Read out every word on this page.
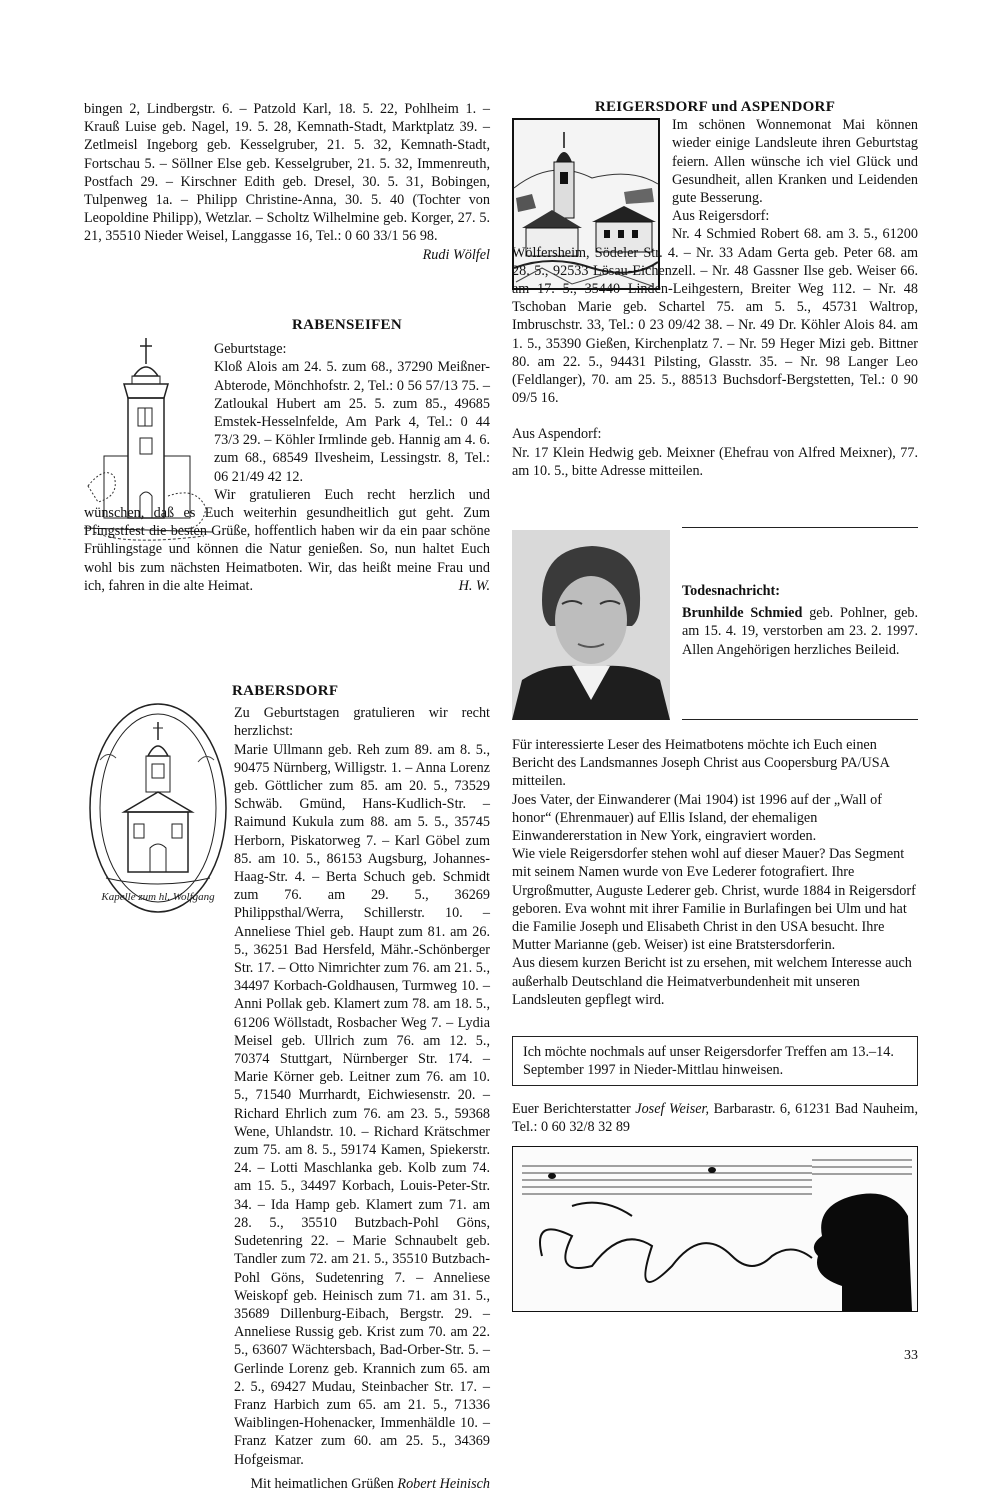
bingen 2, Lindbergstr. 6. – Patzold Karl, 18. 5. 22, Pohlheim 1. – Krauß Luise geb. Nagel, 19. 5. 28, Kemnath-Stadt, Marktplatz 39. – Zetlmeisl Ingeborg geb. Kesselgruber, 21. 5. 32, Kemnath-Stadt, Fortschau 5. – Söllner Else geb. Kesselgruber, 21. 5. 32, Immenreuth, Postfach 29. – Kirschner Edith geb. Dresel, 30. 5. 31, Bobingen, Tulpenweg 1a. – Philipp Christine-Anna, 30. 5. 40 (Tochter von Leopoldine Philipp), Wetzlar. – Scholtz Wilhelmine geb. Korger, 27. 5. 21, 35510 Nieder Weisel, Langgasse 16, Tel.: 0 60 33/1 56 98.
Rudi Wölfel

RABENSEIFEN

Geburtstage:

Kloß Alois am 24. 5. zum 68., 37290 Meißner-Abterode, Mönchhofstr. 2, Tel.: 0 56 57/13 75. – Zatloukal Hubert am 25. 5. zum 85., 49685 Emstek-Hesselnfelde, Am Park 4, Tel.: 0 44 73/3 29. – Köhler Irmlinde geb. Hannig am 4. 6. zum 68., 68549 Ilvesheim, Lessingstr. 8, Tel.: 06 21/49 42 12.

Wir gratulieren Euch recht herzlich und wünschen, daß es Euch weiterhin gesundheitlich gut geht. Zum Pfingstfest die besten Grüße, hoffentlich haben wir da ein paar schöne Frühlingstage und können die Natur genießen. So, nun haltet Euch wohl bis zum nächsten Heimatboten. Wir, das heißt meine Frau und ich, fahren in die alte Heimat.	H. W.

Kapelle zum hl. Wolfgang
RABERSDORF

Zu Geburtstagen gratulieren wir recht herzlichst:

Marie Ullmann geb. Reh zum 89. am 8. 5., 90475 Nürnberg, Willigstr. 1. – Anna Lorenz geb. Göttlicher zum 85. am 20. 5., 73529 Schwäb. Gmünd, Hans-Kudlich-Str. – Raimund Kukula zum 88. am 5. 5., 35745 Herborn, Piskatorweg 7. – Karl Göbel zum 85. am 10. 5., 86153 Augsburg, Johannes-Haag-Str. 4. – Berta Schuch geb. Schmidt zum 76. am 29. 5., 36269 Philippsthal/Werra, Schillerstr. 10. – Anneliese Thiel geb. Haupt zum 81. am 26. 5., 36251 Bad Hersfeld, Mähr.-Schönberger Str. 17. – Otto Nimrichter zum 76. am 21. 5., 34497 Korbach-Goldhausen, Turmweg 10. – Anni Pollak geb. Klamert zum 78. am 18. 5., 61206 Wöllstadt, Rosbacher Weg 7. – Lydia Meisel geb. Ullrich zum 76. am 12. 5., 70374 Stuttgart, Nürnberger Str. 174. – Marie Körner geb. Leitner zum 76. am 10. 5., 71540 Murrhardt, Eichwiesenstr. 20. – Richard Ehrlich zum 76. am 23. 5., 59368 Wene, Uhlandstr. 10. – Richard Krätschmer zum 75. am 8. 5., 59174 Kamen, Spiekerstr. 24. – Lotti Maschlanka geb. Kolb zum 74. am 15. 5., 34497 Korbach, Louis-Peter-Str. 34. – Ida Hamp geb. Klamert zum 71. am 28. 5., 35510 Butzbach-Pohl Göns, Sudetenring 22. – Marie Schnaubelt geb. Tandler zum 72. am 21. 5., 35510 Butzbach-Pohl Göns, Sudetenring 7. – Anneliese Weiskopf geb. Heinisch zum 71. am 31. 5., 35689 Dillenburg-Eibach, Bergstr. 29. – Anneliese Russig geb. Krist zum 70. am 22. 5., 63607 Wächtersbach, Bad-Orber-Str. 5. – Gerlinde Lorenz geb. Krannich zum 65. am 2. 5., 69427 Mudau, Steinbacher Str. 17. – Franz Harbich zum 65. am 21. 5., 71336 Waiblingen-Hohenacker, Immenhäldle 10. – Franz Katzer zum 60. am 25. 5., 34369 Hofgeismar.

Mit heimatlichen Grüßen Robert Heinisch

REIGERSDORF und ASPENDORF

Im schönen Wonnemonat Mai können wieder einige Landsleute ihren Geburtstag feiern. Allen wünsche ich viel Glück und Gesundheit, allen Kranken und Leidenden gute Besserung.

Aus Reigersdorf:

Nr. 4 Schmied Robert 68. am 3. 5., 61200 Wölfersheim, Södeler Str. 4. – Nr. 33 Adam Gerta geb. Peter 68. am 28. 5., 92533 Lösau-Eichenzell. – Nr. 48 Gassner Ilse geb. Weiser 66. am 17. 5., 35440 Linden-Leihgestern, Breiter Weg 112. – Nr. 48 Tschoban Marie geb. Schartel 75. am 5. 5., 45731 Waltrop, Imbruschstr. 33, Tel.: 0 23 09/42 38. – Nr. 49 Dr. Köhler Alois 84. am 1. 5., 35390 Gießen, Kirchenplatz 7. – Nr. 59 Heger Mizi geb. Bittner 80. am 22. 5., 94431 Pilsting, Glasstr. 35. – Nr. 98 Langer Leo (Feldlanger), 70. am 25. 5., 88513 Buchsdorf-Bergstetten, Tel.: 0 90 09/5 16.

Aus Aspendorf:

Nr. 17 Klein Hedwig geb. Meixner (Ehefrau von Alfred Meixner), 77. am 10. 5., bitte Adresse mitteilen.

Todesnachricht:

Brunhilde Schmied geb. Pohlner, geb. am 15. 4. 19, verstorben am 23. 2. 1997. Allen Angehörigen herzliches Beileid.

Für interessierte Leser des Heimatbotens möchte ich Euch einen Bericht des Landsmannes Joseph Christ aus Coopersburg PA/USA mitteilen.

Joes Vater, der Einwanderer (Mai 1904) ist 1996 auf der „Wall of honor“ (Ehrenmauer) auf Ellis Island, der ehemaligen Einwandererstation in New York, eingraviert worden.

Wie viele Reigersdorfer stehen wohl auf dieser Mauer? Das Segment mit seinem Namen wurde von Eve Lederer fotografiert. Ihre Urgroßmutter, Auguste Lederer geb. Christ, wurde 1884 in Reigersdorf geboren. Eva wohnt mit ihrer Familie in Burlafingen bei Ulm und hat die Familie Joseph und Elisabeth Christ in den USA besucht. Ihre Mutter Marianne (geb. Weiser) ist eine Bratstersdorferin.

Aus diesem kurzen Bericht ist zu ersehen, mit welchem Interesse auch außerhalb Deutschland die Heimatverbundenheit mit unseren Landsleuten gepflegt wird.

Ich möchte nochmals auf unser Reigersdorfer Treffen am 13.–14. September 1997 in Nieder-Mittlau hinweisen.

Euer Berichterstatter Josef Weiser, Barbarastr. 6, 61231 Bad Nauheim, Tel.: 0 60 32/8 32 89

33
